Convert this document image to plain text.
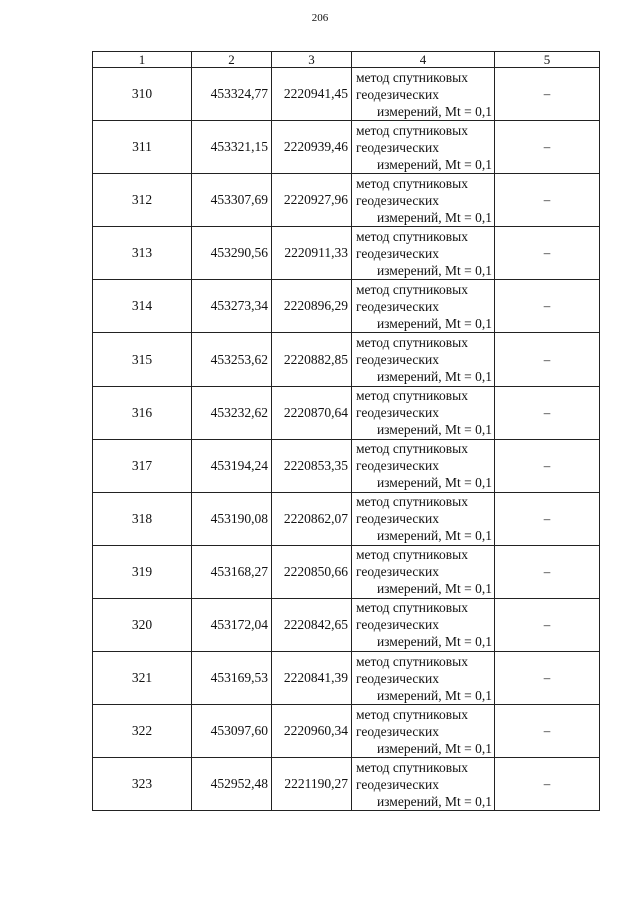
206
1	2	3	4	5
310	453324,77	2220941,45	метод спутниковых
геодезических
измерений, Mt = 0,1	–
311	453321,15	2220939,46	метод спутниковых
геодезических
измерений, Mt = 0,1	–
312	453307,69	2220927,96	метод спутниковых
геодезических
измерений, Mt = 0,1	–
313	453290,56	2220911,33	метод спутниковых
геодезических
измерений, Mt = 0,1	–
314	453273,34	2220896,29	метод спутниковых
геодезических
измерений, Mt = 0,1	–
315	453253,62	2220882,85	метод спутниковых
геодезических
измерений, Mt = 0,1	–
316	453232,62	2220870,64	метод спутниковых
геодезических
измерений, Mt = 0,1	–
317	453194,24	2220853,35	метод спутниковых
геодезических
измерений, Mt = 0,1	–
318	453190,08	2220862,07	метод спутниковых
геодезических
измерений, Mt = 0,1	–
319	453168,27	2220850,66	метод спутниковых
геодезических
измерений, Mt = 0,1	–
320	453172,04	2220842,65	метод спутниковых
геодезических
измерений, Mt = 0,1	–
321	453169,53	2220841,39	метод спутниковых
геодезических
измерений, Mt = 0,1	–
322	453097,60	2220960,34	метод спутниковых
геодезических
измерений, Mt = 0,1	–
323	452952,48	2221190,27	метод спутниковых
геодезических
измерений, Mt = 0,1	–
